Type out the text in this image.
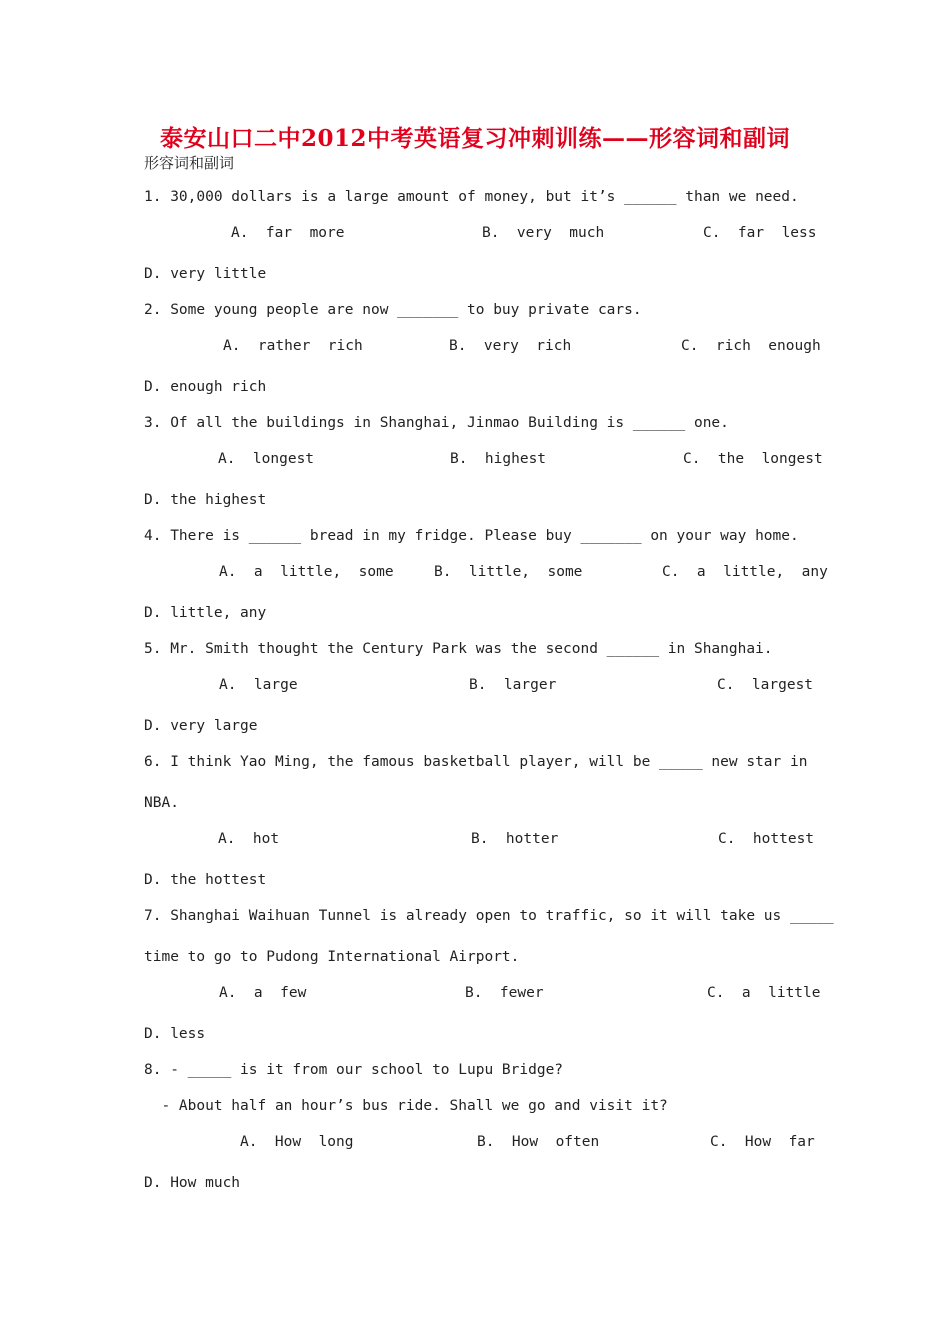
泰安山口二中2012中考英语复习冲刺训练——形容词和副词
形容词和副词
1. 30,000 dollars is a large amount of money, but it’s ______ than we need.
A.  far  more	B.  very  much	C.  far  less
D. very little
2. Some young people are now _______ to buy private cars.
A.  rather  rich	B.  very  rich	C.  rich  enough
D. enough rich
3. Of all the buildings in Shanghai, Jinmao Building is ______ one.
A.  longest	B.  highest	C.  the  longest
D. the highest
4. There is ______ bread in my fridge. Please buy _______ on your way home.
A.  a  little,  some	B.  little,  some	C.  a  little,  any
D. little, any
5. Mr. Smith thought the Century Park was the second ______ in Shanghai.
A.  large	B.  larger	C.  largest
D. very large
6. I think Yao Ming, the famous basketball player, will be _____ new star in
NBA.
A.  hot	B.  hotter	C.  hottest
D. the hottest
7. Shanghai Waihuan Tunnel is already open to traffic, so it will take us _____
time to go to Pudong International Airport.
A.  a  few	B.  fewer	C.  a  little
D. less
8. - _____ is it from our school to Lupu Bridge?
- About half an hour’s bus ride. Shall we go and visit it?
A.  How  long	B.  How  often	C.  How  far
D. How much
